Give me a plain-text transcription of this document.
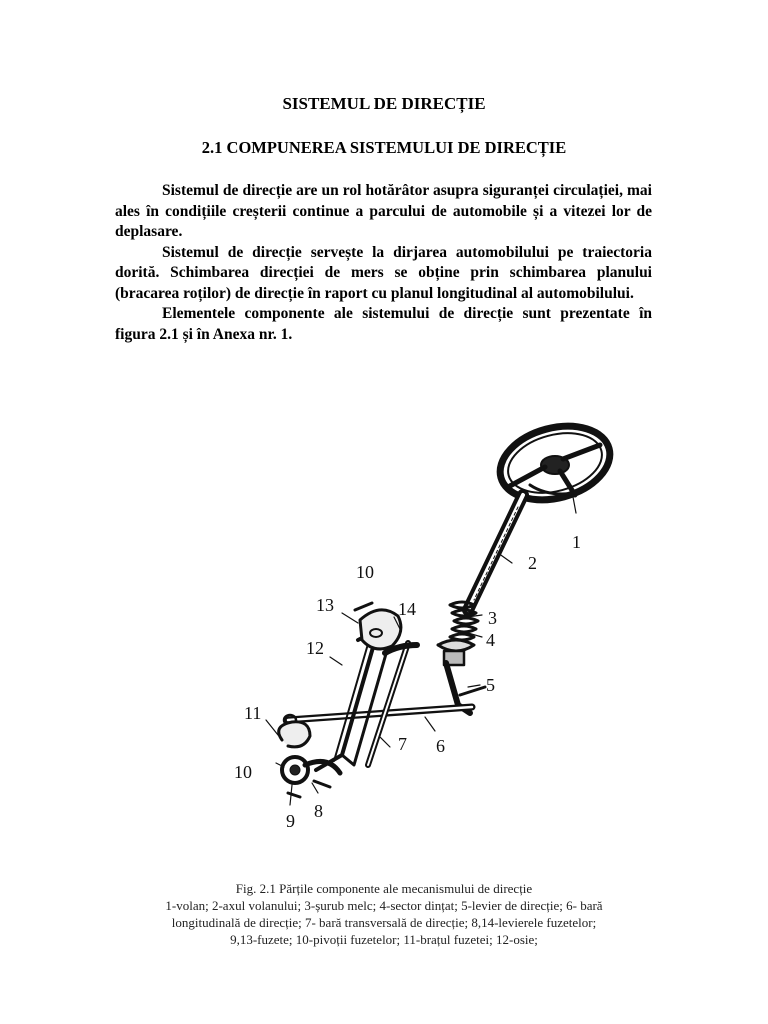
SISTEMUL DE DIRECȚIE
2.1 COMPUNEREA SISTEMULUI DE DIRECȚIE

Sistemul de direcție are un rol hotărâtor asupra siguranței circulației, mai ales în condițiile creșterii continue a parcului de automobile și a vitezei lor de deplasare.

Sistemul de direcție servește la dirjarea automobilului pe traiectoria dorită. Schimbarea direcției de mers se obține prin schimbarea planului (bracarea roților) de direcție în raport cu planul longitudinal al automobilului.

Elementele componente ale sistemului de direcție sunt prezentate în figura 2.1 și în Anexa nr. 1.

1
2
3
4
5
6
7
8
9
10
11
12
13	14
10
Fig. 2.1 Părțile componente ale mecanismului de direcție
1-volan; 2-axul volanului; 3-șurub melc; 4-sector dințat; 5-levier de direcție; 6- bară
longitudinală de direcție; 7- bară transversală de direcție; 8,14-levierele fuzetelor;
9,13-fuzete; 10-pivoții fuzetelor; 11-brațul fuzetei; 12-osie;
